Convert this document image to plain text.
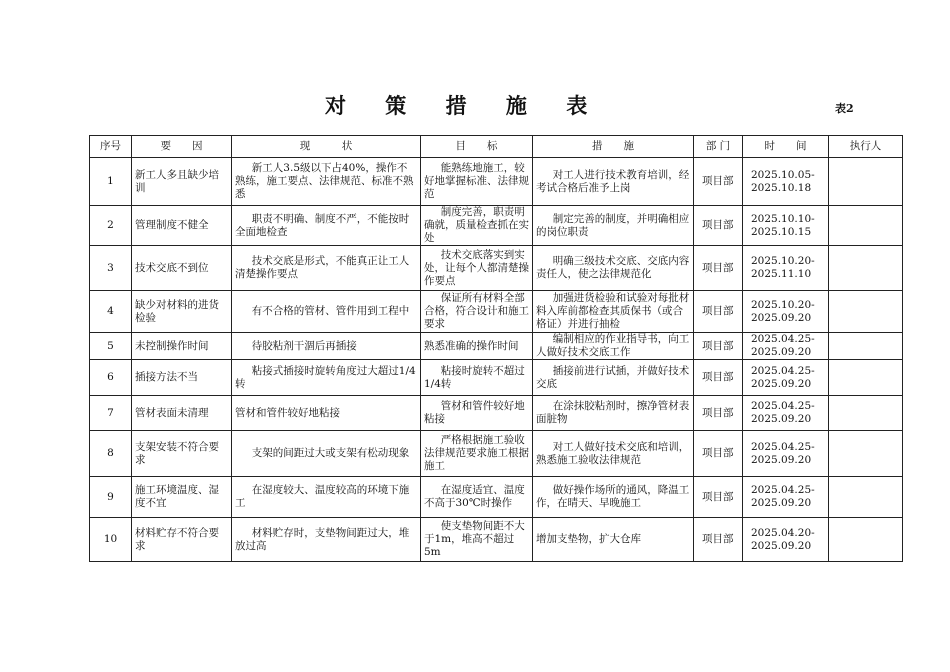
对 策 措 施 表	表2
序号	要　　因	现　　　状	目　　标	措　　施	部 门	时　　间	执行人
1	新工人多且缺少培训	新工人3.5级以下占40%，操作不熟练，施工要点、法律规范、标准不熟悉	能熟练地施工，较好地掌握标准、法律规范	对工人进行技术教育培训，经考试合格后准予上岗	项目部	2025.10.05-2025.10.18	
2	管理制度不健全	职责不明确、制度不严，不能按时全面地检查	制度完善，职责明确就，质量检查抓在实处	制定完善的制度，并明确相应的岗位职责	项目部	2025.10.10-2025.10.15	
3	技术交底不到位	技术交底是形式，不能真正让工人清楚操作要点	技术交底落实到实处，让每个人都清楚操作要点	明确三级技术交底、交底内容责任人，使之法律规范化	项目部	2025.10.20-2025.11.10	
4	缺少对材料的进货检验	有不合格的管材、管件用到工程中	保证所有材料全部合格，符合设计和施工要求	加强进货检验和试验对每批材料入库前都检查其质保书（或合格证）并进行抽检	项目部	2025.10.20-2025.09.20	
5	未控制操作时间	待胶粘剂干涸后再插接	熟悉准确的操作时间	编制相应的作业指导书，向工人做好技术交底工作	项目部	2025.04.25-2025.09.20	
6	插接方法不当	粘接式插接时旋转角度过大超过1/4转	粘接时旋转不超过1/4转	插接前进行试插，并做好技术交底	项目部	2025.04.25-2025.09.20	
7	管材表面未清理	管材和管件较好地粘接	管材和管件较好地粘接	在涂抹胶粘剂时，擦净管材表面脏物	项目部	2025.04.25-2025.09.20	
8	支架安装不符合要求	支架的间距过大或支架有松动现象	严格根据施工验收法律规范要求施工根据施工	对工人做好技术交底和培训，熟悉施工验收法律规范	项目部	2025.04.25-2025.09.20	
9	施工环境温度、湿度不宜	在湿度较大、温度较高的环境下施工	在湿度适宜、温度不高于30℃时操作	做好操作场所的通风，降温工作，在晴天、早晚施工	项目部	2025.04.25-2025.09.20	
10	材料贮存不符合要求	材料贮存时，支垫物间距过大，堆放过高	使支垫物间距不大于1m，堆高不超过5m	增加支垫物，扩大仓库	项目部	2025.04.20-2025.09.20	
